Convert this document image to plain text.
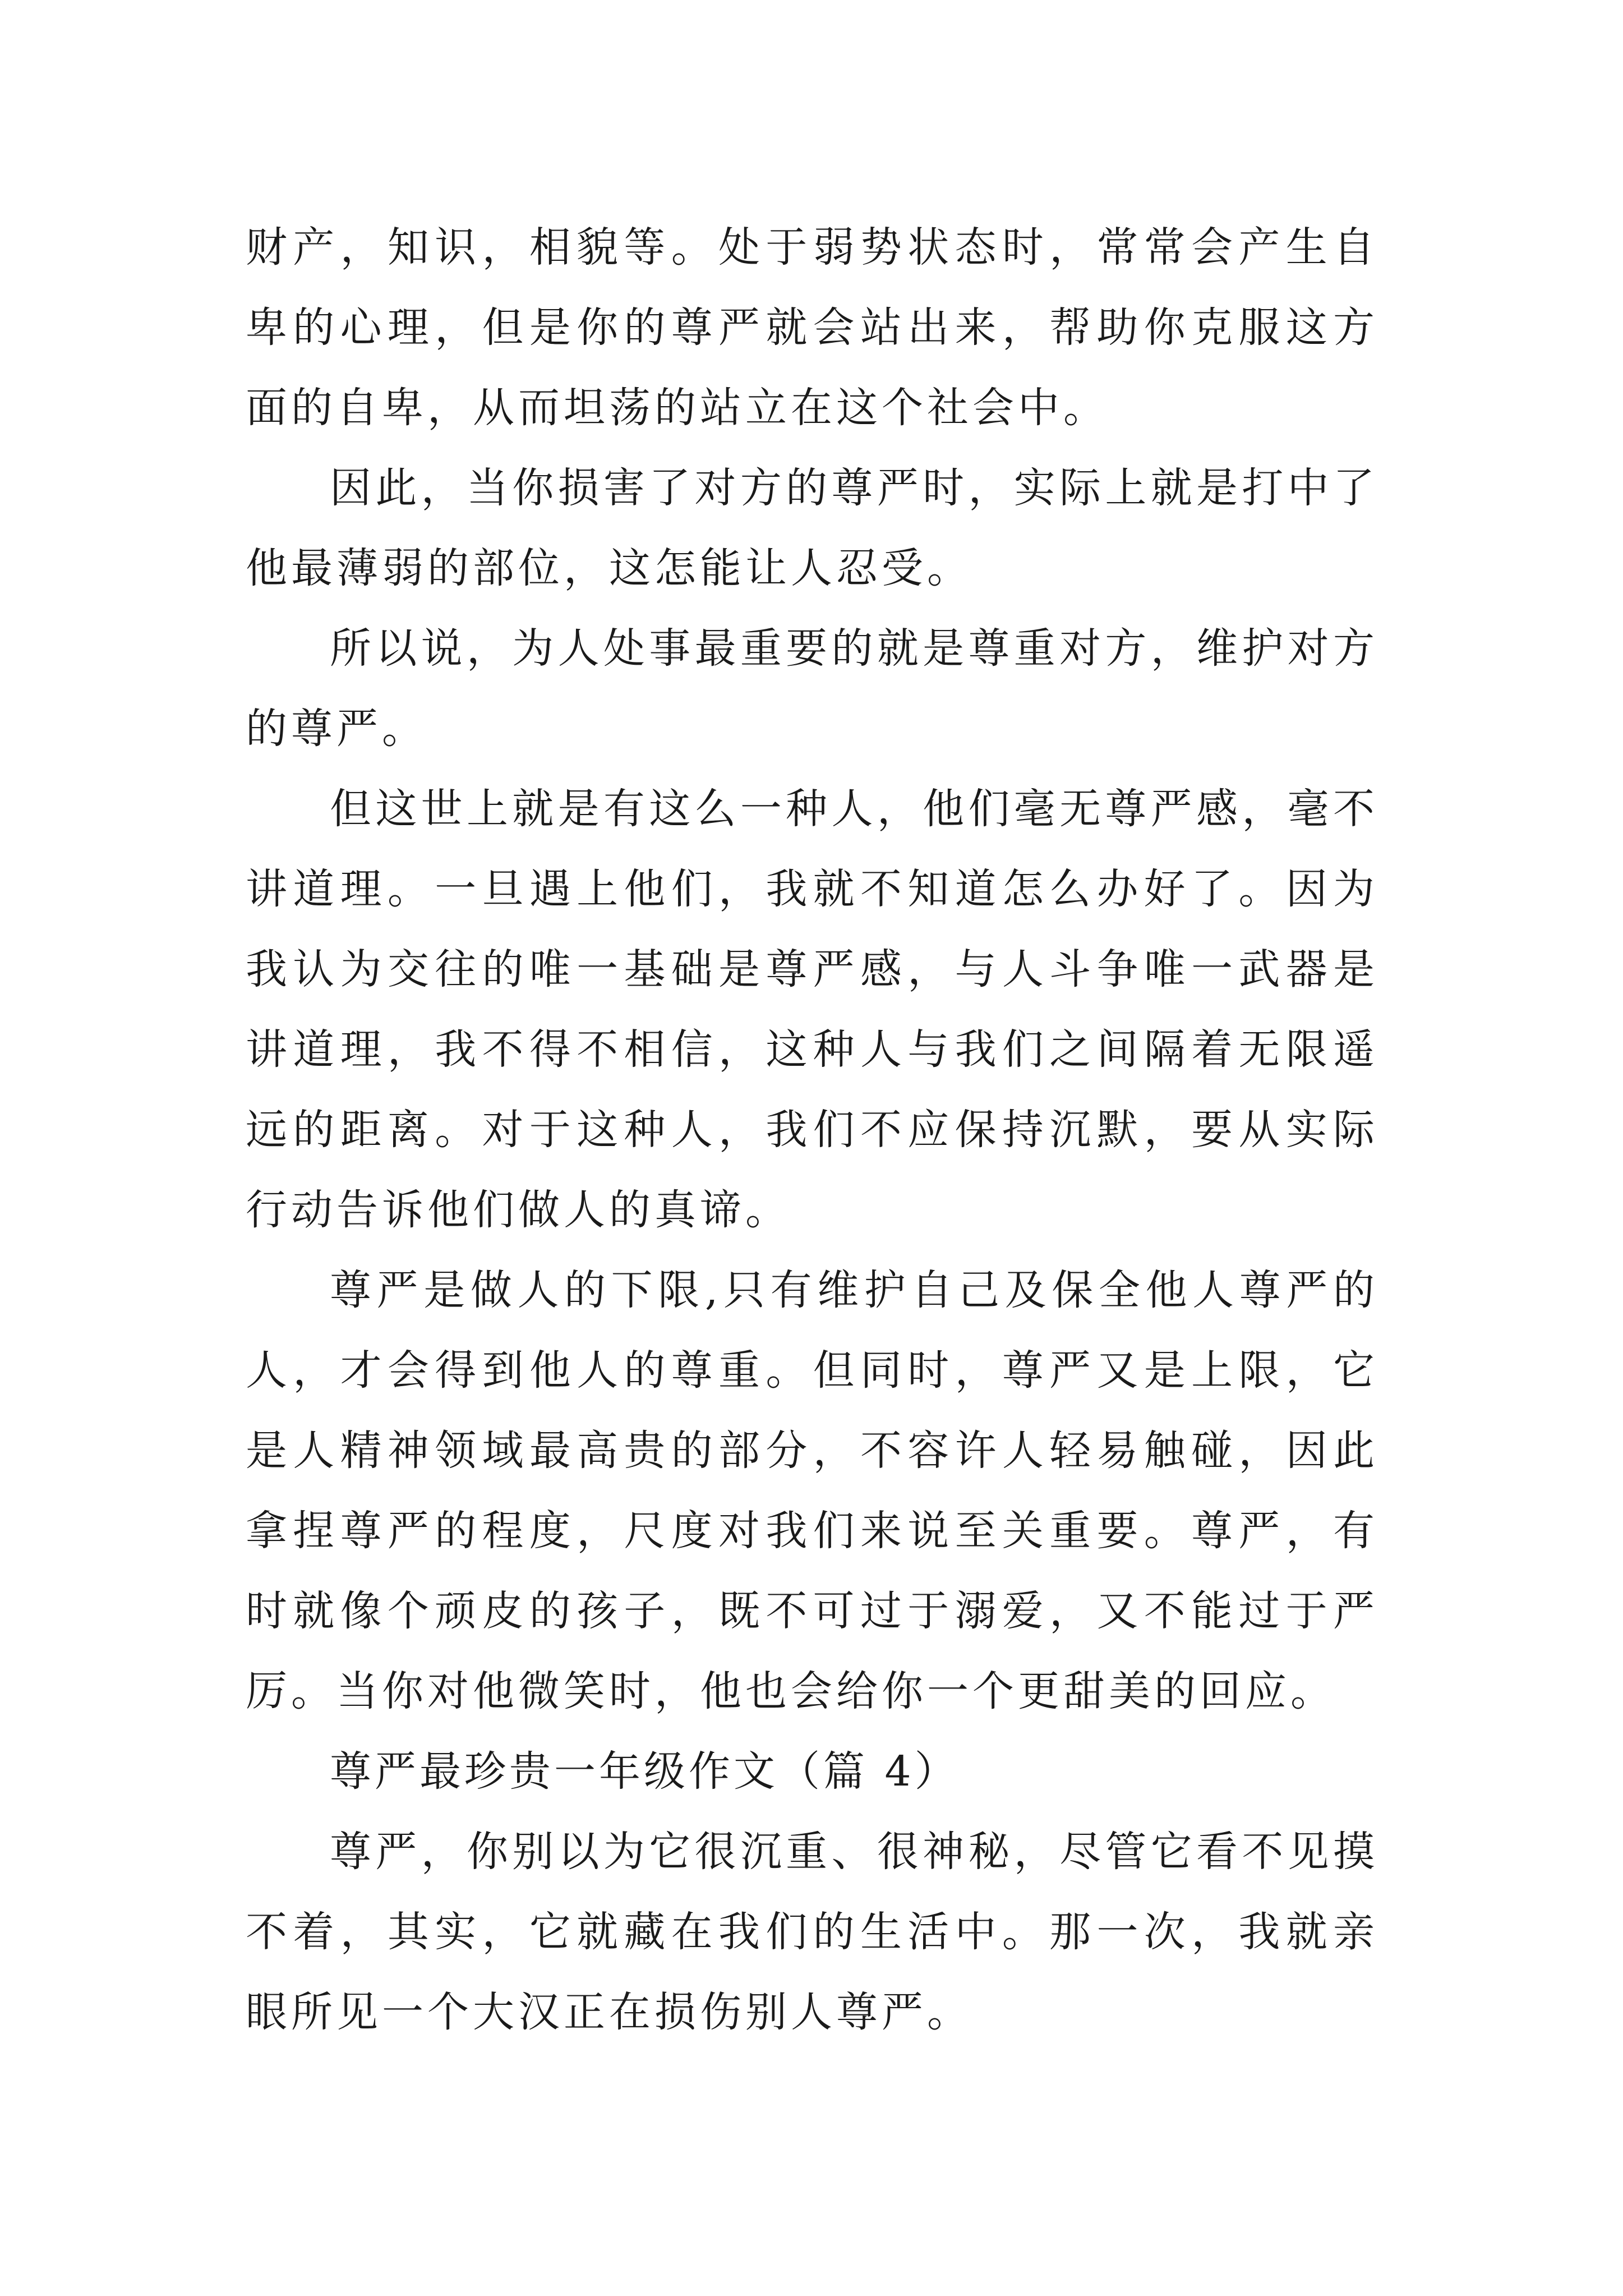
财产，知识，相貌等。处于弱势状态时，常常会产生自卑的心理，但是你的尊严就会站出来，帮助你克服这方面的自卑，从而坦荡的站立在这个社会中。

因此，当你损害了对方的尊严时，实际上就是打中了他最薄弱的部位，这怎能让人忍受。

所以说，为人处事最重要的就是尊重对方，维护对方的尊严。

但这世上就是有这么一种人，他们毫无尊严感，毫不讲道理。一旦遇上他们，我就不知道怎么办好了。因为我认为交往的唯一基础是尊严感，与人斗争唯一武器是讲道理，我不得不相信，这种人与我们之间隔着无限遥远的距离。对于这种人，我们不应保持沉默，要从实际行动告诉他们做人的真谛。

尊严是做人的下限,只有维护自己及保全他人尊严的人，才会得到他人的尊重。但同时，尊严又是上限，它是人精神领域最高贵的部分，不容许人轻易触碰，因此拿捏尊严的程度，尺度对我们来说至关重要。尊严，有时就像个顽皮的孩子，既不可过于溺爱，又不能过于严厉。当你对他微笑时，他也会给你一个更甜美的回应。

尊严最珍贵一年级作文（篇 4）

尊严，你别以为它很沉重、很神秘，尽管它看不见摸不着，其实，它就藏在我们的生活中。那一次，我就亲眼所见一个大汉正在损伤别人尊严。
